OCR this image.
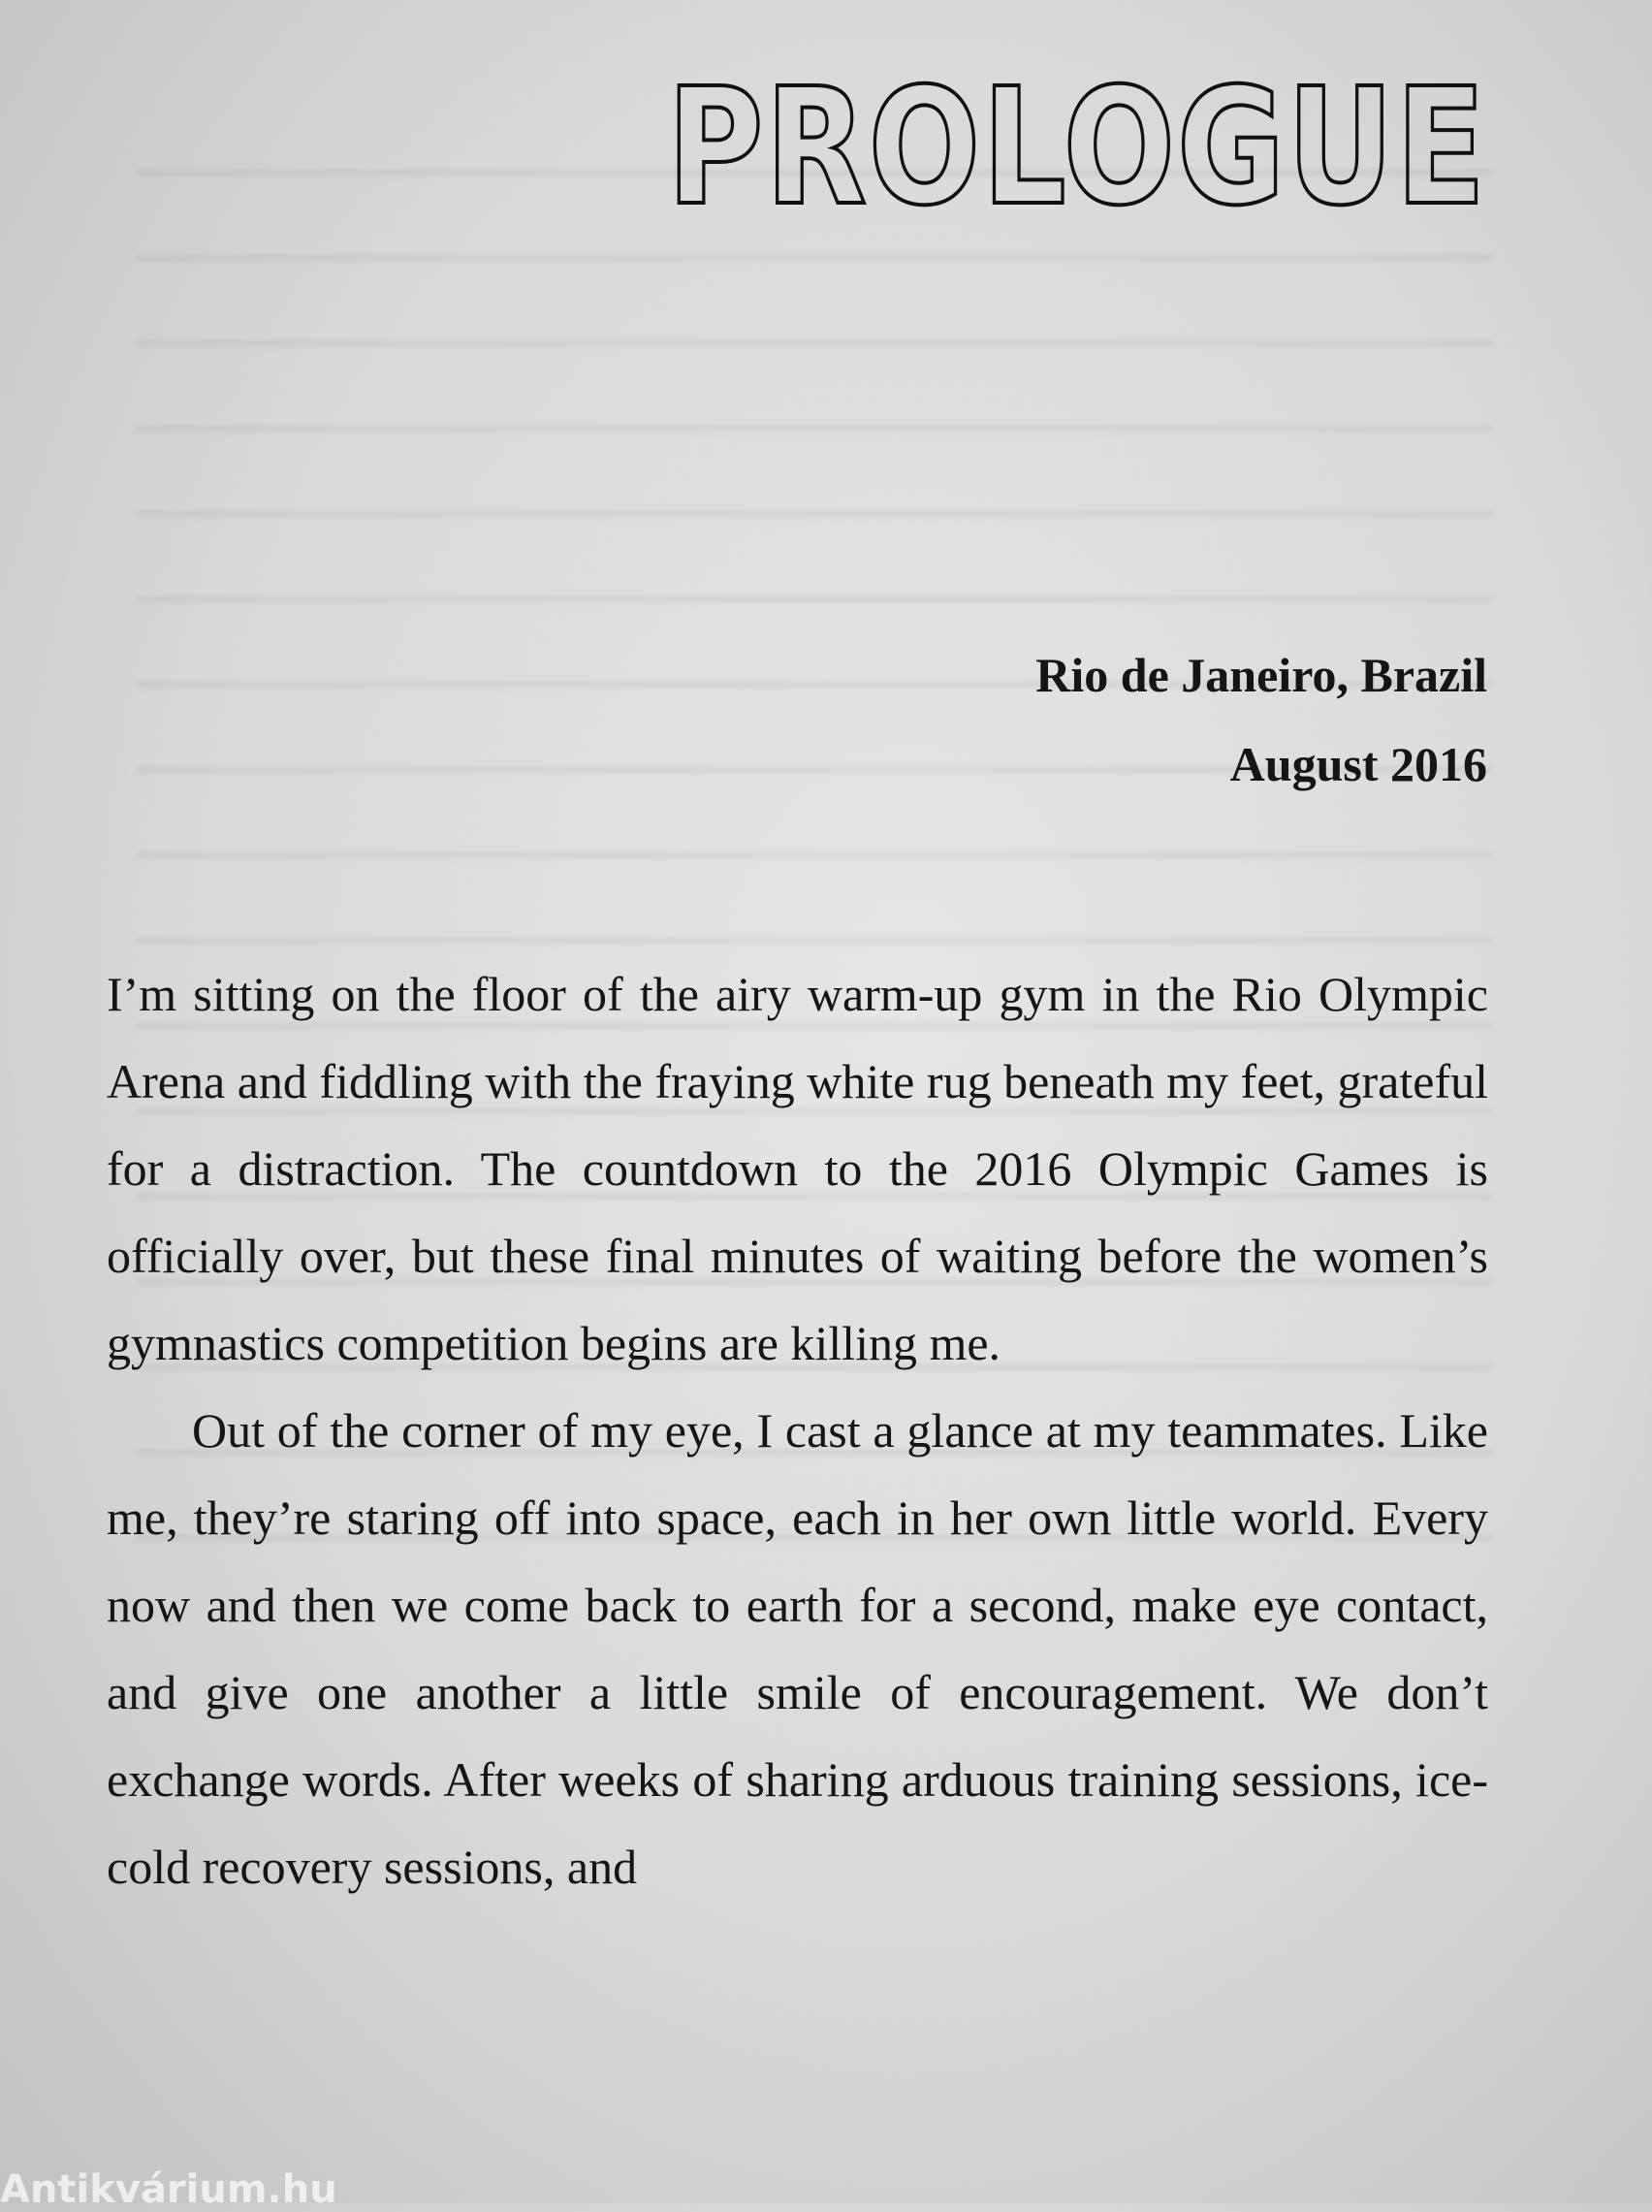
PROLOGUE
Rio de Janeiro, Brazil
August 2016

I’m sitting on the floor of the airy warm-up gym in the Rio Olympic Arena and fiddling with the fraying white rug beneath my feet, grateful for a distraction. The countdown to the 2016 Olympic Games is officially over, but these final minutes of waiting before the women’s gymnastics competition begins are killing me.

Out of the corner of my eye, I cast a glance at my teammates. Like me, they’re staring off into space, each in her own little world. Every now and then we come back to earth for a second, make eye contact, and give one another a little smile of encouragement. We don’t exchange words. After weeks of sharing arduous training sessions, ice-cold recovery sessions, and

Antikvárium.hu
